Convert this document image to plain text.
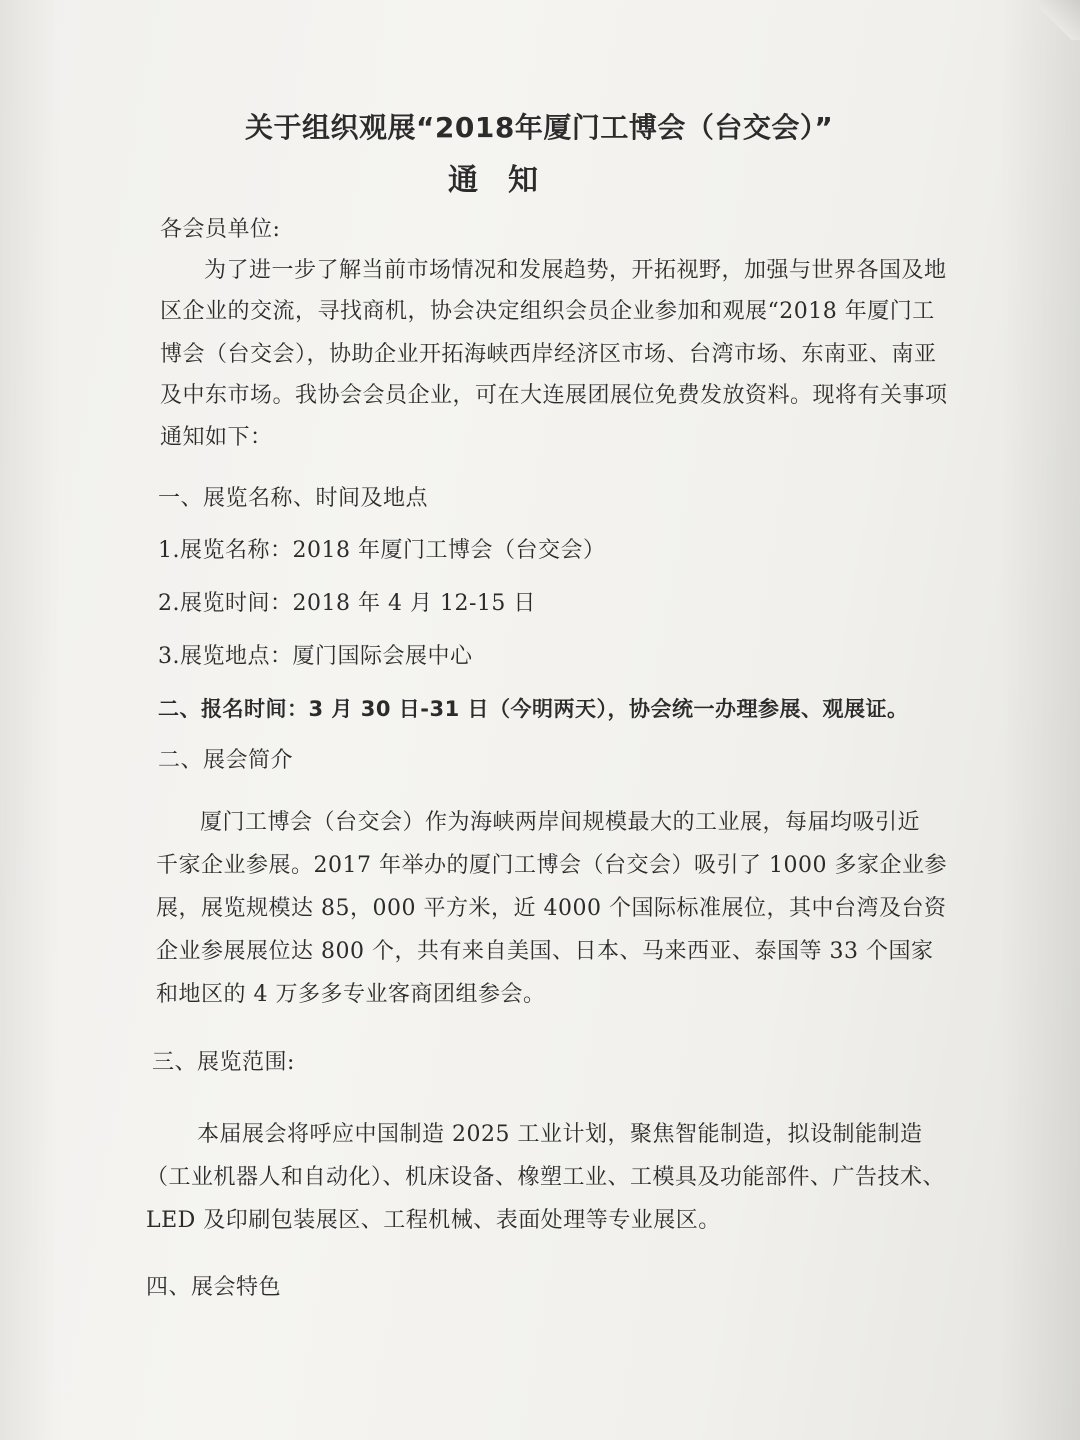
关于组织观展“2018年厦门工博会（台交会）”
通知
各会员单位:
为了进一步了解当前市场情况和发展趋势，开拓视野，加强与世界各国及地
区企业的交流，寻找商机，协会决定组织会员企业参加和观展“2018 年厦门工
博会（台交会），协助企业开拓海峡西岸经济区市场、台湾市场、东南亚、南亚
及中东市场。我协会会员企业，可在大连展团展位免费发放资料。现将有关事项
通知如下：
一、展览名称、时间及地点
1.展览名称：2018 年厦门工博会（台交会）
2.展览时间：2018 年 4 月 12-15 日
3.展览地点：厦门国际会展中心
二、报名时间：3 月 30 日-31 日（今明两天），协会统一办理参展、观展证。
二、展会简介
厦门工博会（台交会）作为海峡两岸间规模最大的工业展，每届均吸引近
千家企业参展。2017 年举办的厦门工博会（台交会）吸引了 1000 多家企业参
展，展览规模达 85，000 平方米，近 4000 个国际标准展位，其中台湾及台资
企业参展展位达 800 个，共有来自美国、日本、马来西亚、泰国等 33 个国家
和地区的 4 万多多专业客商团组参会。
三、展览范围:
本届展会将呼应中国制造 2025 工业计划，聚焦智能制造，拟设制能制造
（工业机器人和自动化）、机床设备、橡塑工业、工模具及功能部件、广告技术、
LED 及印刷包装展区、工程机械、表面处理等专业展区。
四、展会特色
